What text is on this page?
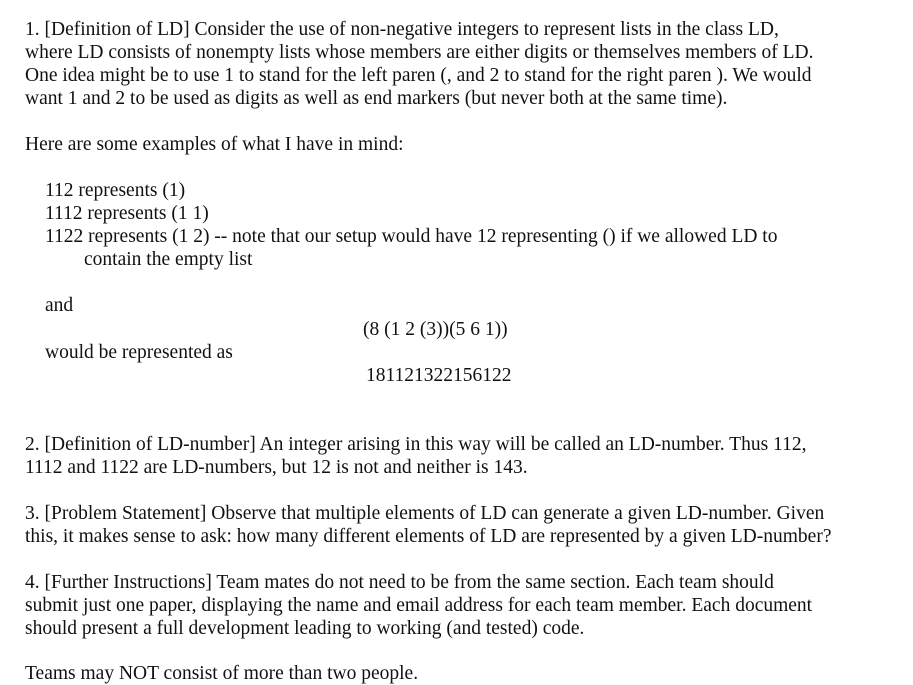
1. [Definition of LD] Consider the use of non-negative integers to represent lists in the class LD,
where LD consists of nonempty lists whose members are either digits or themselves members of LD.
One idea might be to use 1 to stand for the left paren (, and 2 to stand for the right paren ). We would
want 1 and 2 to be used as digits as well as end markers (but never both at the same time).
Here are some examples of what I have in mind:
112 represents (1)
1112 represents (1 1)
1122 represents (1 2) -- note that our setup would have 12 representing () if we allowed LD to
contain the empty list
and
(8 (1 2 (3))(5 6 1))
would be represented as
181121322156122
2. [Definition of LD-number] An integer arising in this way will be called an LD-number. Thus 112,
1112 and 1122 are LD-numbers, but 12 is not and neither is 143.
3. [Problem Statement] Observe that multiple elements of LD can generate a given LD-number. Given
this, it makes sense to ask: how many different elements of LD are represented by a given LD-number?
4. [Further Instructions] Team mates do not need to be from the same section. Each team should
submit just one paper, displaying the name and email address for each team member. Each document
should present a full development leading to working (and tested) code.
Teams may NOT consist of more than two people.
